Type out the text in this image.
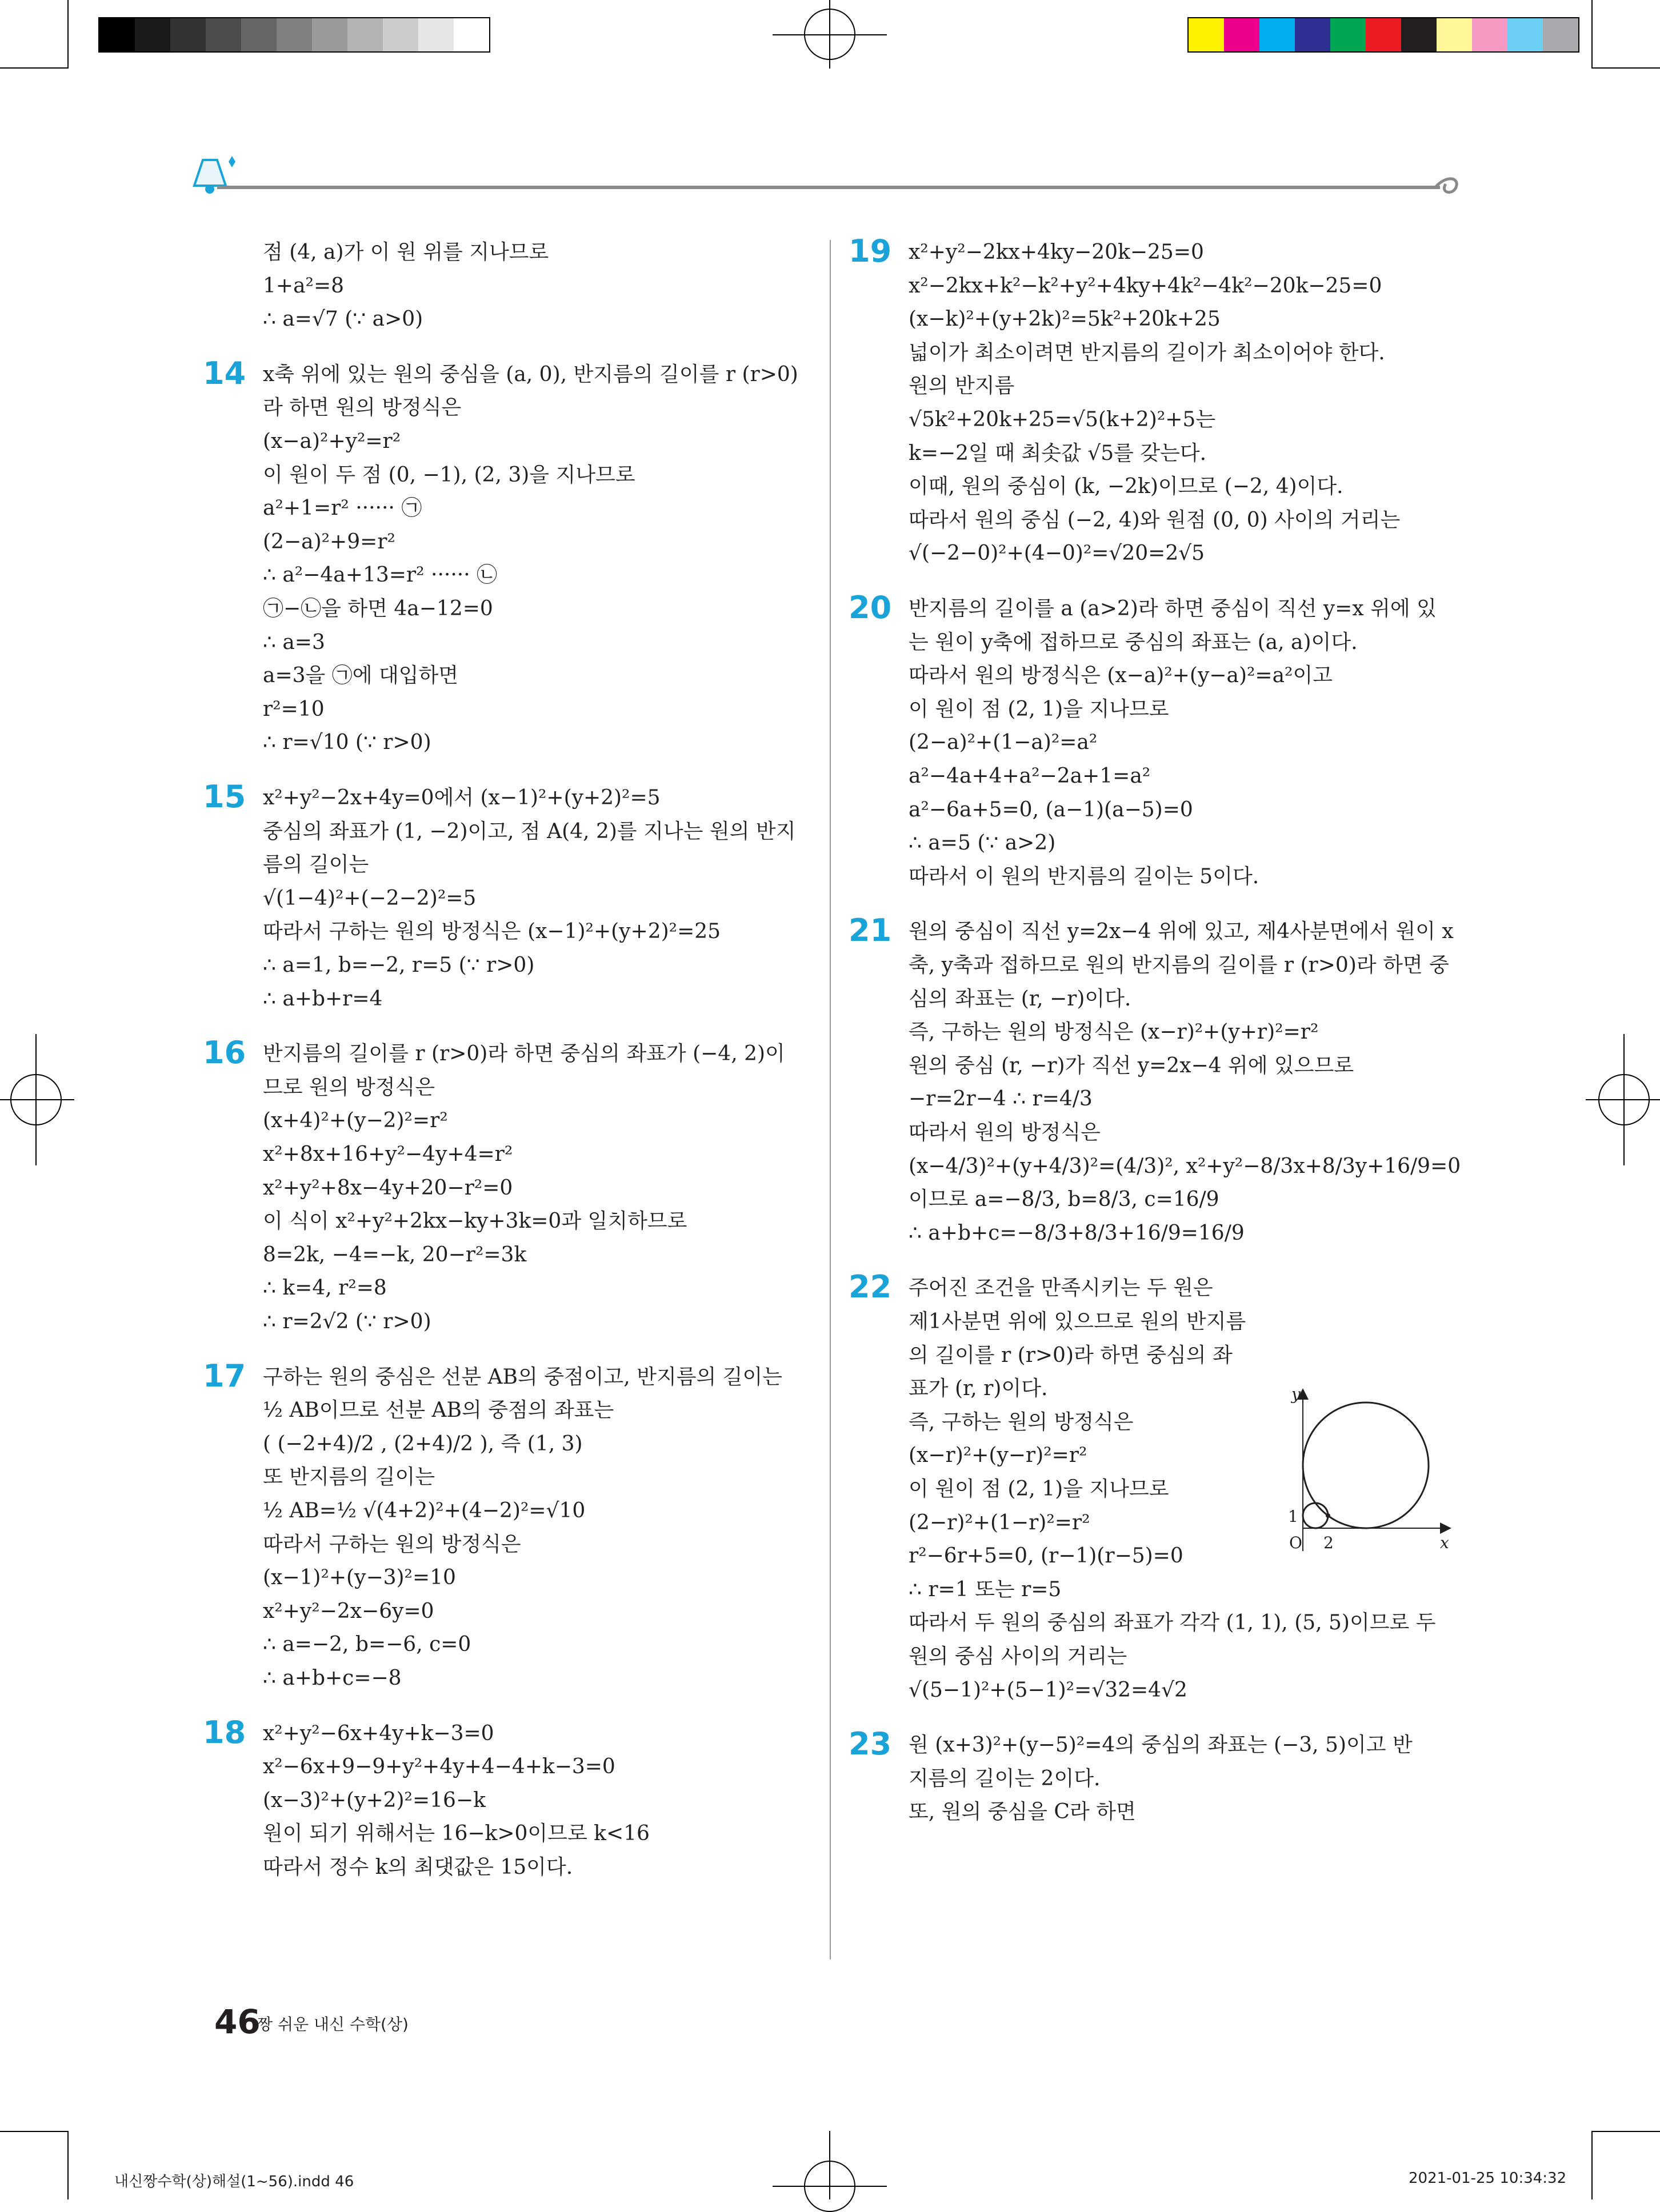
점 (4, a)가 이 원 위를 지나므로
1+a²=8
∴ a=√7 (∵ a>0)
14 x축 위에 있는 원의 중심을 (a, 0), 반지름의 길이를 r (r>0)
라 하면 원의 방정식은
(x−a)²+y²=r²
이 원이 두 점 (0, −1), (2, 3)을 지나므로
a²+1=r² ······ ㉠
(2−a)²+9=r²
∴ a²−4a+13=r² ······ ㉡
㉠−㉡을 하면 4a−12=0
∴ a=3
a=3을 ㉠에 대입하면
r²=10
∴ r=√10 (∵ r>0)
15 x²+y²−2x+4y=0에서 (x−1)²+(y+2)²=5
중심의 좌표가 (1, −2)이고, 점 A(4, 2)를 지나는 원의 반지
름의 길이는
√(1−4)²+(−2−2)²=5
따라서 구하는 원의 방정식은 (x−1)²+(y+2)²=25
∴ a=1, b=−2, r=5 (∵ r>0)
∴ a+b+r=4
16 반지름의 길이를 r (r>0)라 하면 중심의 좌표가 (−4, 2)이
므로 원의 방정식은
(x+4)²+(y−2)²=r²
x²+8x+16+y²−4y+4=r²
x²+y²+8x−4y+20−r²=0
이 식이 x²+y²+2kx−ky+3k=0과 일치하므로
8=2k, −4=−k, 20−r²=3k
∴ k=4, r²=8
∴ r=2√2 (∵ r>0)
17 구하는 원의 중심은 선분 AB의 중점이고, 반지름의 길이는
½ AB이므로 선분 AB의 중점의 좌표는
( (−2+4)/2 , (2+4)/2 ), 즉 (1, 3)
또 반지름의 길이는
½ AB=½ √(4+2)²+(4−2)²=√10
따라서 구하는 원의 방정식은
(x−1)²+(y−3)²=10
x²+y²−2x−6y=0
∴ a=−2, b=−6, c=0
∴ a+b+c=−8
18 x²+y²−6x+4y+k−3=0
x²−6x+9−9+y²+4y+4−4+k−3=0
(x−3)²+(y+2)²=16−k
원이 되기 위해서는 16−k>0이므로 k<16
따라서 정수 k의 최댓값은 15이다.
19 x²+y²−2kx+4ky−20k−25=0
x²−2kx+k²−k²+y²+4ky+4k²−4k²−20k−25=0
(x−k)²+(y+2k)²=5k²+20k+25
넓이가 최소이려면 반지름의 길이가 최소이어야 한다.
원의 반지름
√5k²+20k+25=√5(k+2)²+5는
k=−2일 때 최솟값 √5를 갖는다.
이때, 원의 중심이 (k, −2k)이므로 (−2, 4)이다.
따라서 원의 중심 (−2, 4)와 원점 (0, 0) 사이의 거리는
√(−2−0)²+(4−0)²=√20=2√5
20 반지름의 길이를 a (a>2)라 하면 중심이 직선 y=x 위에 있
는 원이 y축에 접하므로 중심의 좌표는 (a, a)이다.
따라서 원의 방정식은 (x−a)²+(y−a)²=a²이고
이 원이 점 (2, 1)을 지나므로
(2−a)²+(1−a)²=a²
a²−4a+4+a²−2a+1=a²
a²−6a+5=0, (a−1)(a−5)=0
∴ a=5 (∵ a>2)
따라서 이 원의 반지름의 길이는 5이다.
21 원의 중심이 직선 y=2x−4 위에 있고, 제4사분면에서 원이 x
축, y축과 접하므로 원의 반지름의 길이를 r (r>0)라 하면 중
심의 좌표는 (r, −r)이다.
즉, 구하는 원의 방정식은 (x−r)²+(y+r)²=r²
원의 중심 (r, −r)가 직선 y=2x−4 위에 있으므로
−r=2r−4 ∴ r=4/3
따라서 원의 방정식은
(x−4/3)²+(y+4/3)²=(4/3)², x²+y²−8/3x+8/3y+16/9=0
이므로 a=−8/3, b=8/3, c=16/9
∴ a+b+c=−8/3+8/3+16/9=16/9
22 주어진 조건을 만족시키는 두 원은
제1사분면 위에 있으므로 원의 반지름
의 길이를 r (r>0)라 하면 중심의 좌
표가 (r, r)이다.
즉, 구하는 원의 방정식은
(x−r)²+(y−r)²=r²
이 원이 점 (2, 1)을 지나므로
(2−r)²+(1−r)²=r²
r²−6r+5=0, (r−1)(r−5)=0
∴ r=1 또는 r=5
따라서 두 원의 중심의 좌표가 각각 (1, 1), (5, 5)이므로 두
원의 중심 사이의 거리는
√(5−1)²+(5−1)²=√32=4√2
23 원 (x+3)²+(y−5)²=4의 중심의 좌표는 (−3, 5)이고 반
지름의 길이는 2이다.
또, 원의 중심을 C라 하면
y
x
O 2
1
46
짱 쉬운 내신 수학(상)
내신짱수학(상)해설(1~56).indd 46	2021-01-25 10:34:32
